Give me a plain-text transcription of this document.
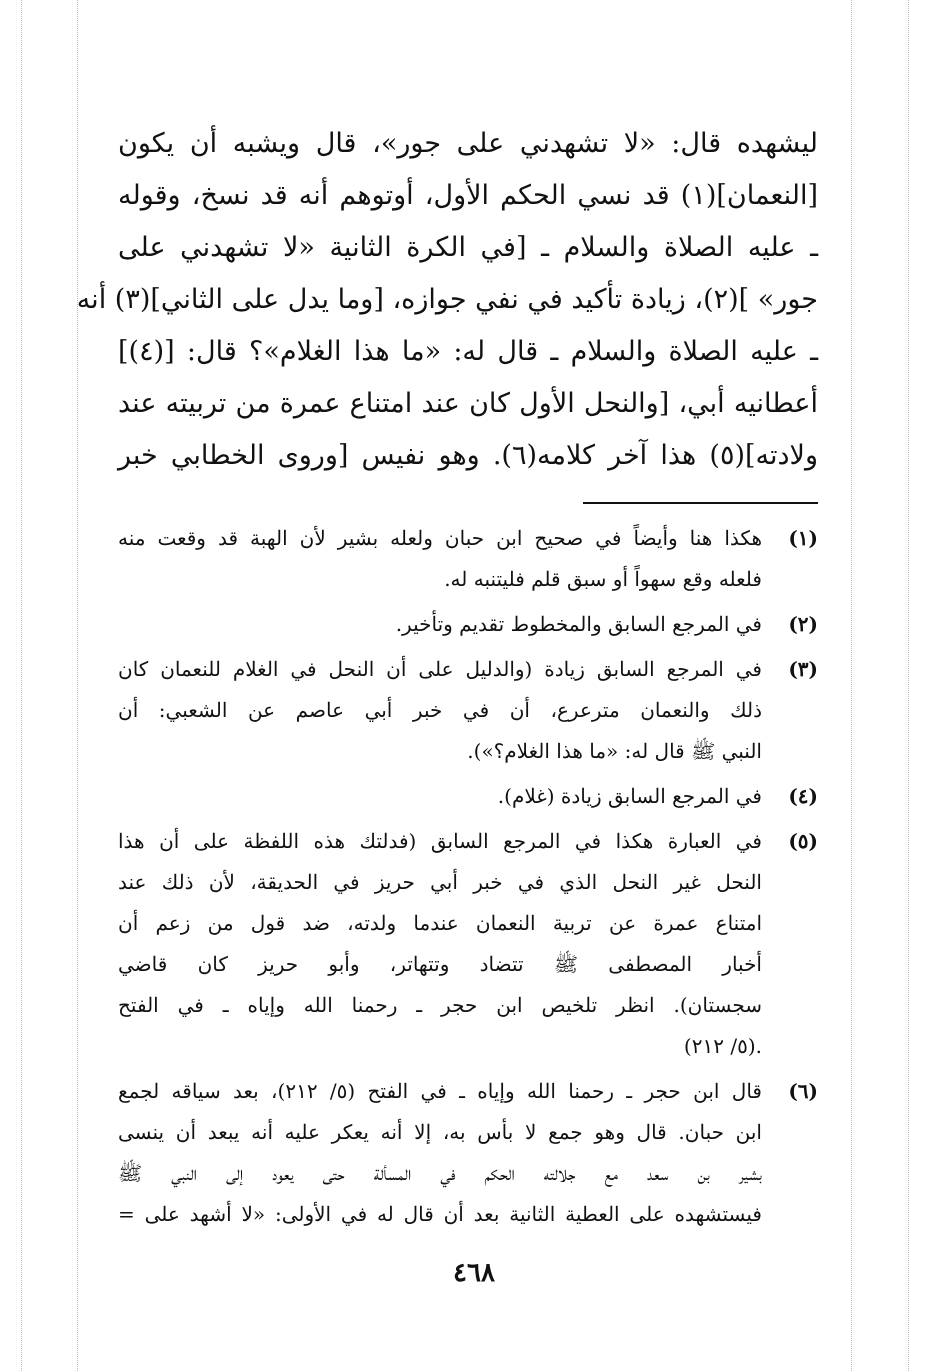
ليشهده قال: «لا تشهدني على جور»، قال ويشبه أن يكون
[النعمان](١) قد نسي الحكم الأول، أوتوهم أنه قد نسخ، وقوله
ـ عليه الصلاة والسلام ـ [في الكرة الثانية «لا تشهدني على
جور» ](٢)، زيادة تأكيد في نفي جوازه، [وما يدل على الثاني](٣) أنه
ـ عليه الصلاة والسلام ـ قال له: «ما هذا الغلام»؟ قال: [(٤)]
أعطانيه أبي، [والنحل الأول كان عند امتناع عمرة من تربيته عند
ولادته](٥) هذا آخر كلامه(٦). وهو نفيس [وروى الخطابي خبر
(١)
هكذا هنا وأيضاً في صحيح ابن حبان ولعله بشير لأن الهبة قد وقعت منه
فلعله وقع سهواً أو سبق قلم فليتنبه له.
(٢)
في المرجع السابق والمخطوط تقديم وتأخير.
(٣)
في المرجع السابق زيادة (والدليل على أن النحل في الغلام للنعمان كان
ذلك والنعمان مترعرع، أن في خبر أبي عاصم عن الشعبي: أن
النبي ﷺ قال له: «ما هذا الغلام؟»).
(٤)
في المرجع السابق زيادة (غلام).
(٥)
في العبارة هكذا في المرجع السابق (فدلتك هذه اللفظة على أن هذا
النحل غير النحل الذي في خبر أبي حريز في الحديقة، لأن ذلك عند
امتناع عمرة عن تربية النعمان عندما ولدته، ضد قول من زعم أن
أخبار المصطفى ﷺ تتضاد وتتهاتر، وأبو حريز كان قاضي
سجستان). انظر تلخيص ابن حجر ـ رحمنا الله وإياه ـ في الفتح
.(٥/ ٢١٢)
(٦)
قال ابن حجر ـ رحمنا الله وإياه ـ في الفتح (٥/ ٢١٢)، بعد سياقه لجمع
ابن حبان. قال وهو جمع لا بأس به، إلا أنه يعكر عليه أنه يبعد أن ينسى
بشير بن سعد مع جلالته الحكم في المسألة حتى يعود إلى النبي ﷺ
فيستشهده على العطية الثانية بعد أن قال له في الأولى: «لا أشهد على =
٤٦٨
